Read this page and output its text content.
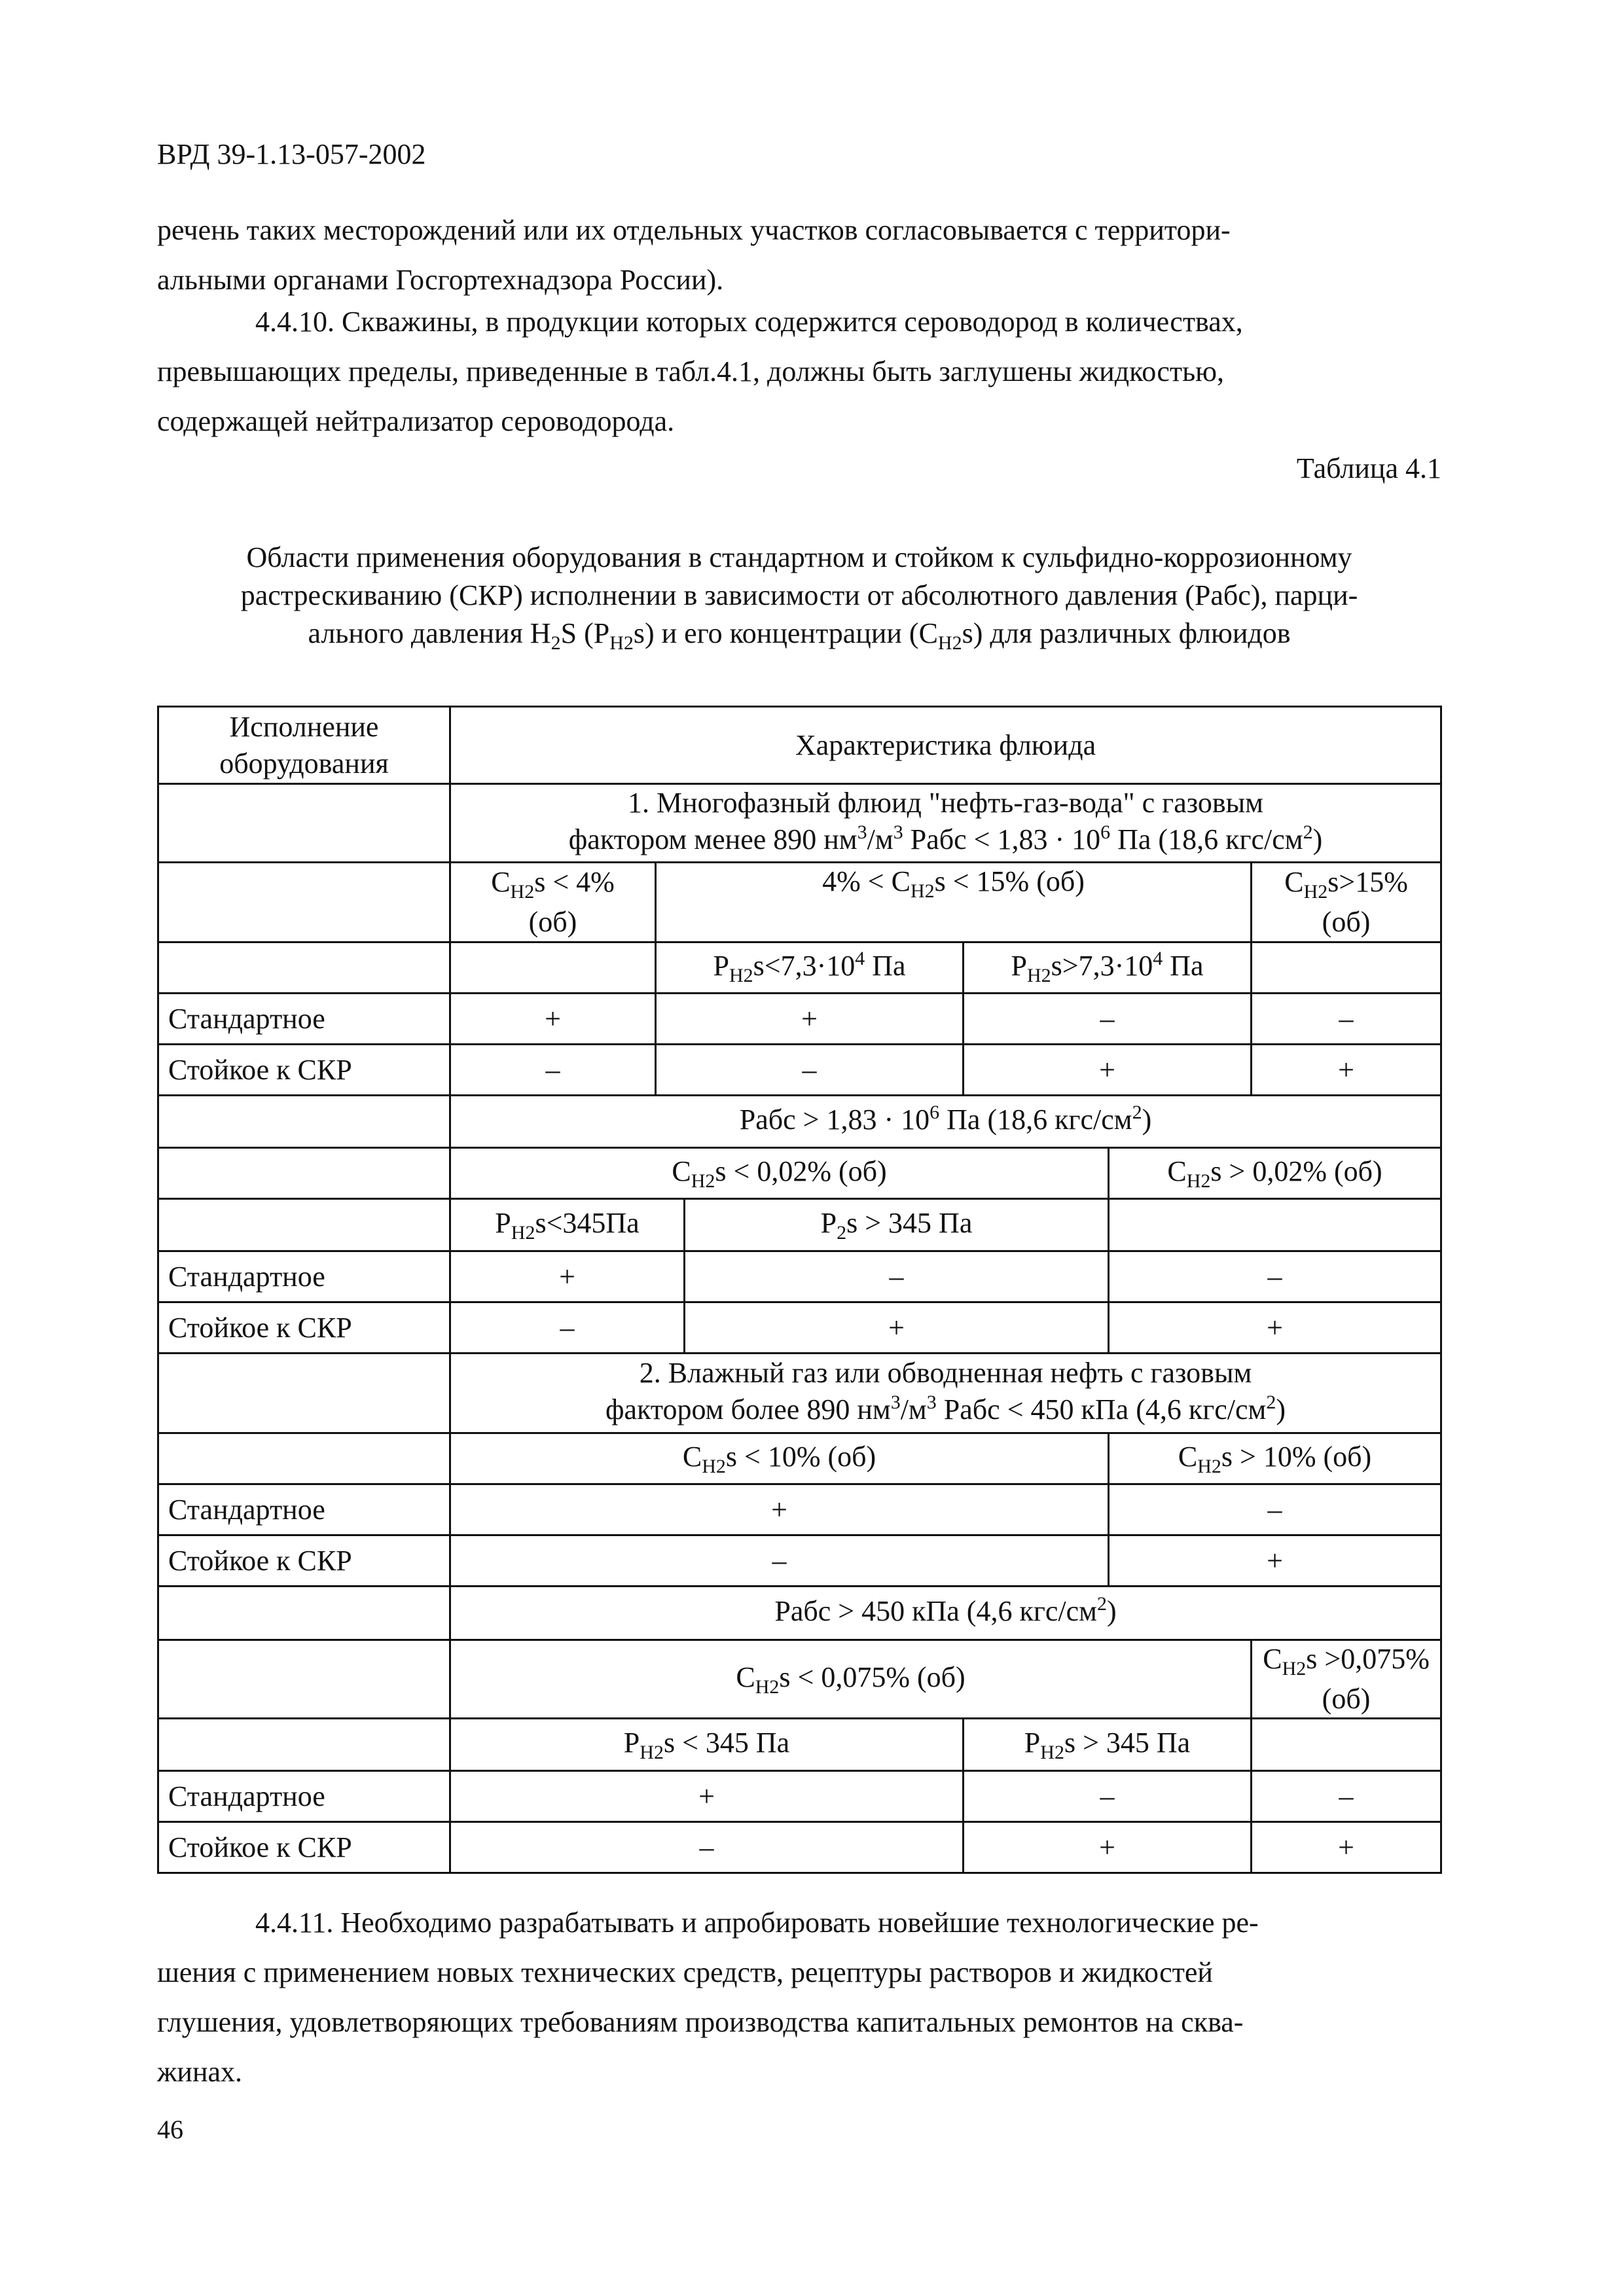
ВРД 39-1.13-057-2002
речень таких месторождений или их отдельных участков согласовывается с территори-
альными органами Госгортехнадзора России).
4.4.10. Скважины, в продукции которых содержится сероводород в количествах,
превышающих пределы, приведенные в табл.4.1, должны быть заглушены жидкостью,
содержащей нейтрализатор сероводорода.
Таблица 4.1
Области применения оборудования в стандартном и стойком к сульфидно-коррозионному
растрескиванию (СКР) исполнении в зависимости от абсолютного давления (Рабс), парци-
ального давления $H_2S$ $(Р_{H2}s)$ и его концентрации $(С_{H2}s)$ для различных флюидов
Исполнение
оборудования	Характеристика флюида					
	1. Многофазный флюид "нефть-газ-вода" с газовым
фактором менее 890 $нм^3/м^3$ Рабс < $1,83 \cdot 10^6$ Па (18,6 кгс/$см^2$)					
	$С_{H2}s < 4\%$
(об)	$4\% < С_{H2}s < 15\%$ (об)				$С_{H2}s>15\%$
(об)
		$Р_{H2}s<7,3\cdot 10^4$ Па		$Р_{H2}s>7,3\cdot 10^4$ Па		
Стандартное	+	+		–		–
Стойкое к СКР	–	–		+		+
	Рабс > $1,83 \cdot 10^6$ Па (18,6 кгс/$см^2$)					
	$С_{H2}s < 0,02\%$ (об)				$С_{H2}s > 0,02\%$ (об)	
	$Р_{H2}s<345Па$		$Р_2s > 345$ Па			
Стандартное	+		–		–	
Стойкое к СКР	–		+		+	
	2. Влажный газ или обводненная нефть с газовым
фактором более 890 $нм^3/м^3$ Рабс < 450 кПа (4,6 кгс/$см^2$)					
	$С_{H2}s < 10\%$ (об)				$С_{H2}s > 10\%$ (об)	
Стандартное	+				–	
Стойкое к СКР	–				+	
	Рабс > 450 кПа (4,6 кгс/$см^2$)					
	$С_{H2}s < 0,075\%$ (об)					$С_{H2}s >0,075\%$ (об)
	$Р_{H2}s < 345$ Па			$Р_{H2}s > 345$ Па		
Стандартное	+			–		–
Стойкое к СКР	–			+		+
4.4.11. Необходимо разрабатывать и апробировать новейшие технологические ре-
шения с применением новых технических средств, рецептуры растворов и жидкостей
глушения, удовлетворяющих требованиям производства капитальных ремонтов на сква-
жинах.
46
